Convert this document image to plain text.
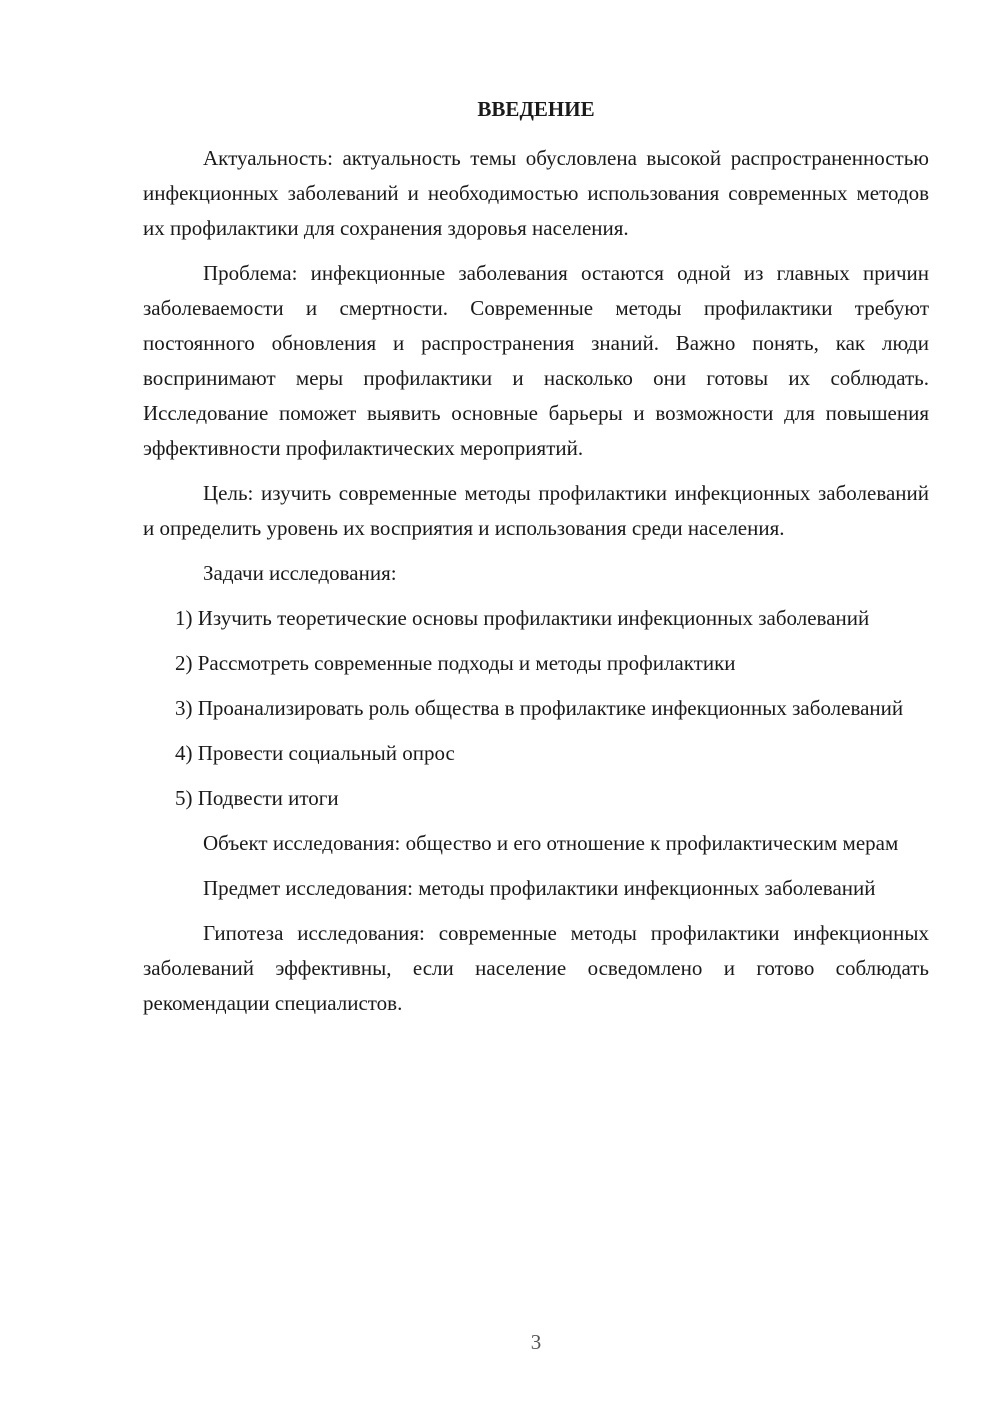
ВВЕДЕНИЕ

Актуальность: актуальность темы обусловлена высокой распространенностью инфекционных заболеваний и необходимостью использования современных методов их профилактики для сохранения здоровья населения.

Проблема: инфекционные заболевания остаются одной из главных причин заболеваемости и смертности. Современные методы профилактики требуют постоянного обновления и распространения знаний. Важно понять, как люди воспринимают меры профилактики и насколько они готовы их соблюдать. Исследование поможет выявить основные барьеры и возможности для повышения эффективности профилактических мероприятий.

Цель: изучить современные методы профилактики инфекционных заболеваний и определить уровень их восприятия и использования среди населения.

Задачи исследования:

1) Изучить теоретические основы профилактики инфекционных заболеваний

2) Рассмотреть современные подходы и методы профилактики

3) Проанализировать роль общества в профилактике инфекционных заболеваний

4) Провести социальный опрос

5) Подвести итоги

Объект исследования: общество и его отношение к профилактическим мерам

Предмет исследования: методы профилактики инфекционных заболеваний

Гипотеза исследования: современные методы профилактики инфекционных заболеваний эффективны, если население осведомлено и готово соблюдать рекомендации специалистов.

3
